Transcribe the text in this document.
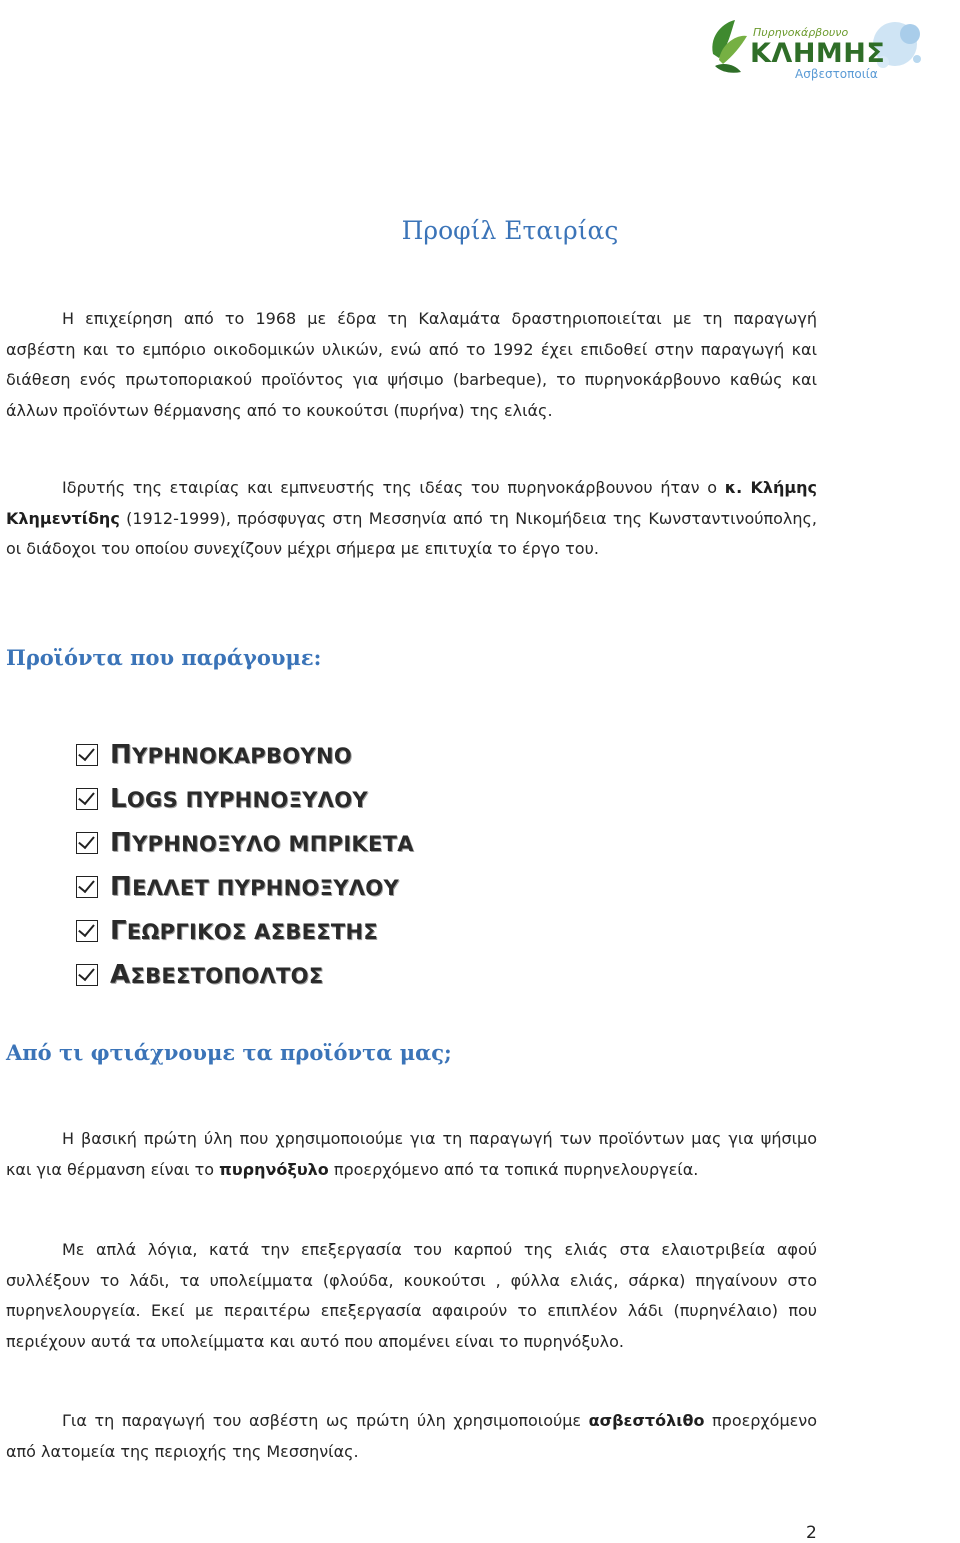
Πυρηνοκάρβουνο
ΚΛΗΜΗΣ
Ασβεστοποιία
Προφίλ Εταιρίας

Η επιχείρηση από το 1968 με έδρα τη Καλαμάτα δραστηριοποιείται με τη παραγωγή ασβέστη και το εμπόριο οικοδομικών υλικών, ενώ από το 1992 έχει επιδοθεί στην παραγωγή και διάθεση ενός πρωτοποριακού προϊόντος για ψήσιμο (barbeque), το πυρηνοκάρβουνο καθώς και άλλων προϊόντων θέρμανσης από το κουκούτσι (πυρήνα) της ελιάς.

Ιδρυτής της εταιρίας και εμπνευστής της ιδέας του πυρηνοκάρβουνου ήταν ο κ. Κλήμης Κλημεντίδης (1912-1999), πρόσφυγας στη Μεσσηνία από τη Νικομήδεια της Κωνσταντινούπολης, οι διάδοχοι του οποίου συνεχίζουν μέχρι σήμερα με επιτυχία το έργο του.

Προϊόντα που παράγουμε:
ΠΥΡΗΝΟΚΑΡΒΟΥΝΟ
LOGS ΠΥΡΗΝΟΞΥΛΟΥ
ΠΥΡΗΝΟΞΥΛΟ ΜΠΡΙΚΕΤΑ
ΠΕΛΛΕΤ ΠΥΡΗΝΟΞΥΛΟΥ
ΓΕΩΡΓΙΚΟΣ ΑΣΒΕΣΤΗΣ
ΑΣΒΕΣΤΟΠΟΛΤΟΣ
Από τι φτιάχνουμε τα προϊόντα μας;

Η βασική πρώτη ύλη που χρησιμοποιούμε για τη παραγωγή των προϊόντων μας για ψήσιμο και για θέρμανση είναι το πυρηνόξυλο προερχόμενο από τα τοπικά πυρηνελουργεία.

Με απλά λόγια, κατά την επεξεργασία του καρπού της ελιάς στα ελαιοτριβεία αφού συλλέξουν το λάδι, τα υπολείμματα (φλούδα, κουκούτσι , φύλλα ελιάς, σάρκα) πηγαίνουν στο πυρηνελουργεία. Εκεί με περαιτέρω επεξεργασία αφαιρούν το επιπλέον λάδι (πυρηνέλαιο) που περιέχουν αυτά τα υπολείμματα και αυτό που απομένει είναι το πυρηνόξυλο.

Για τη παραγωγή του ασβέστη ως πρώτη ύλη χρησιμοποιούμε ασβεστόλιθο προερχόμενο από λατομεία της περιοχής της Μεσσηνίας.

2
